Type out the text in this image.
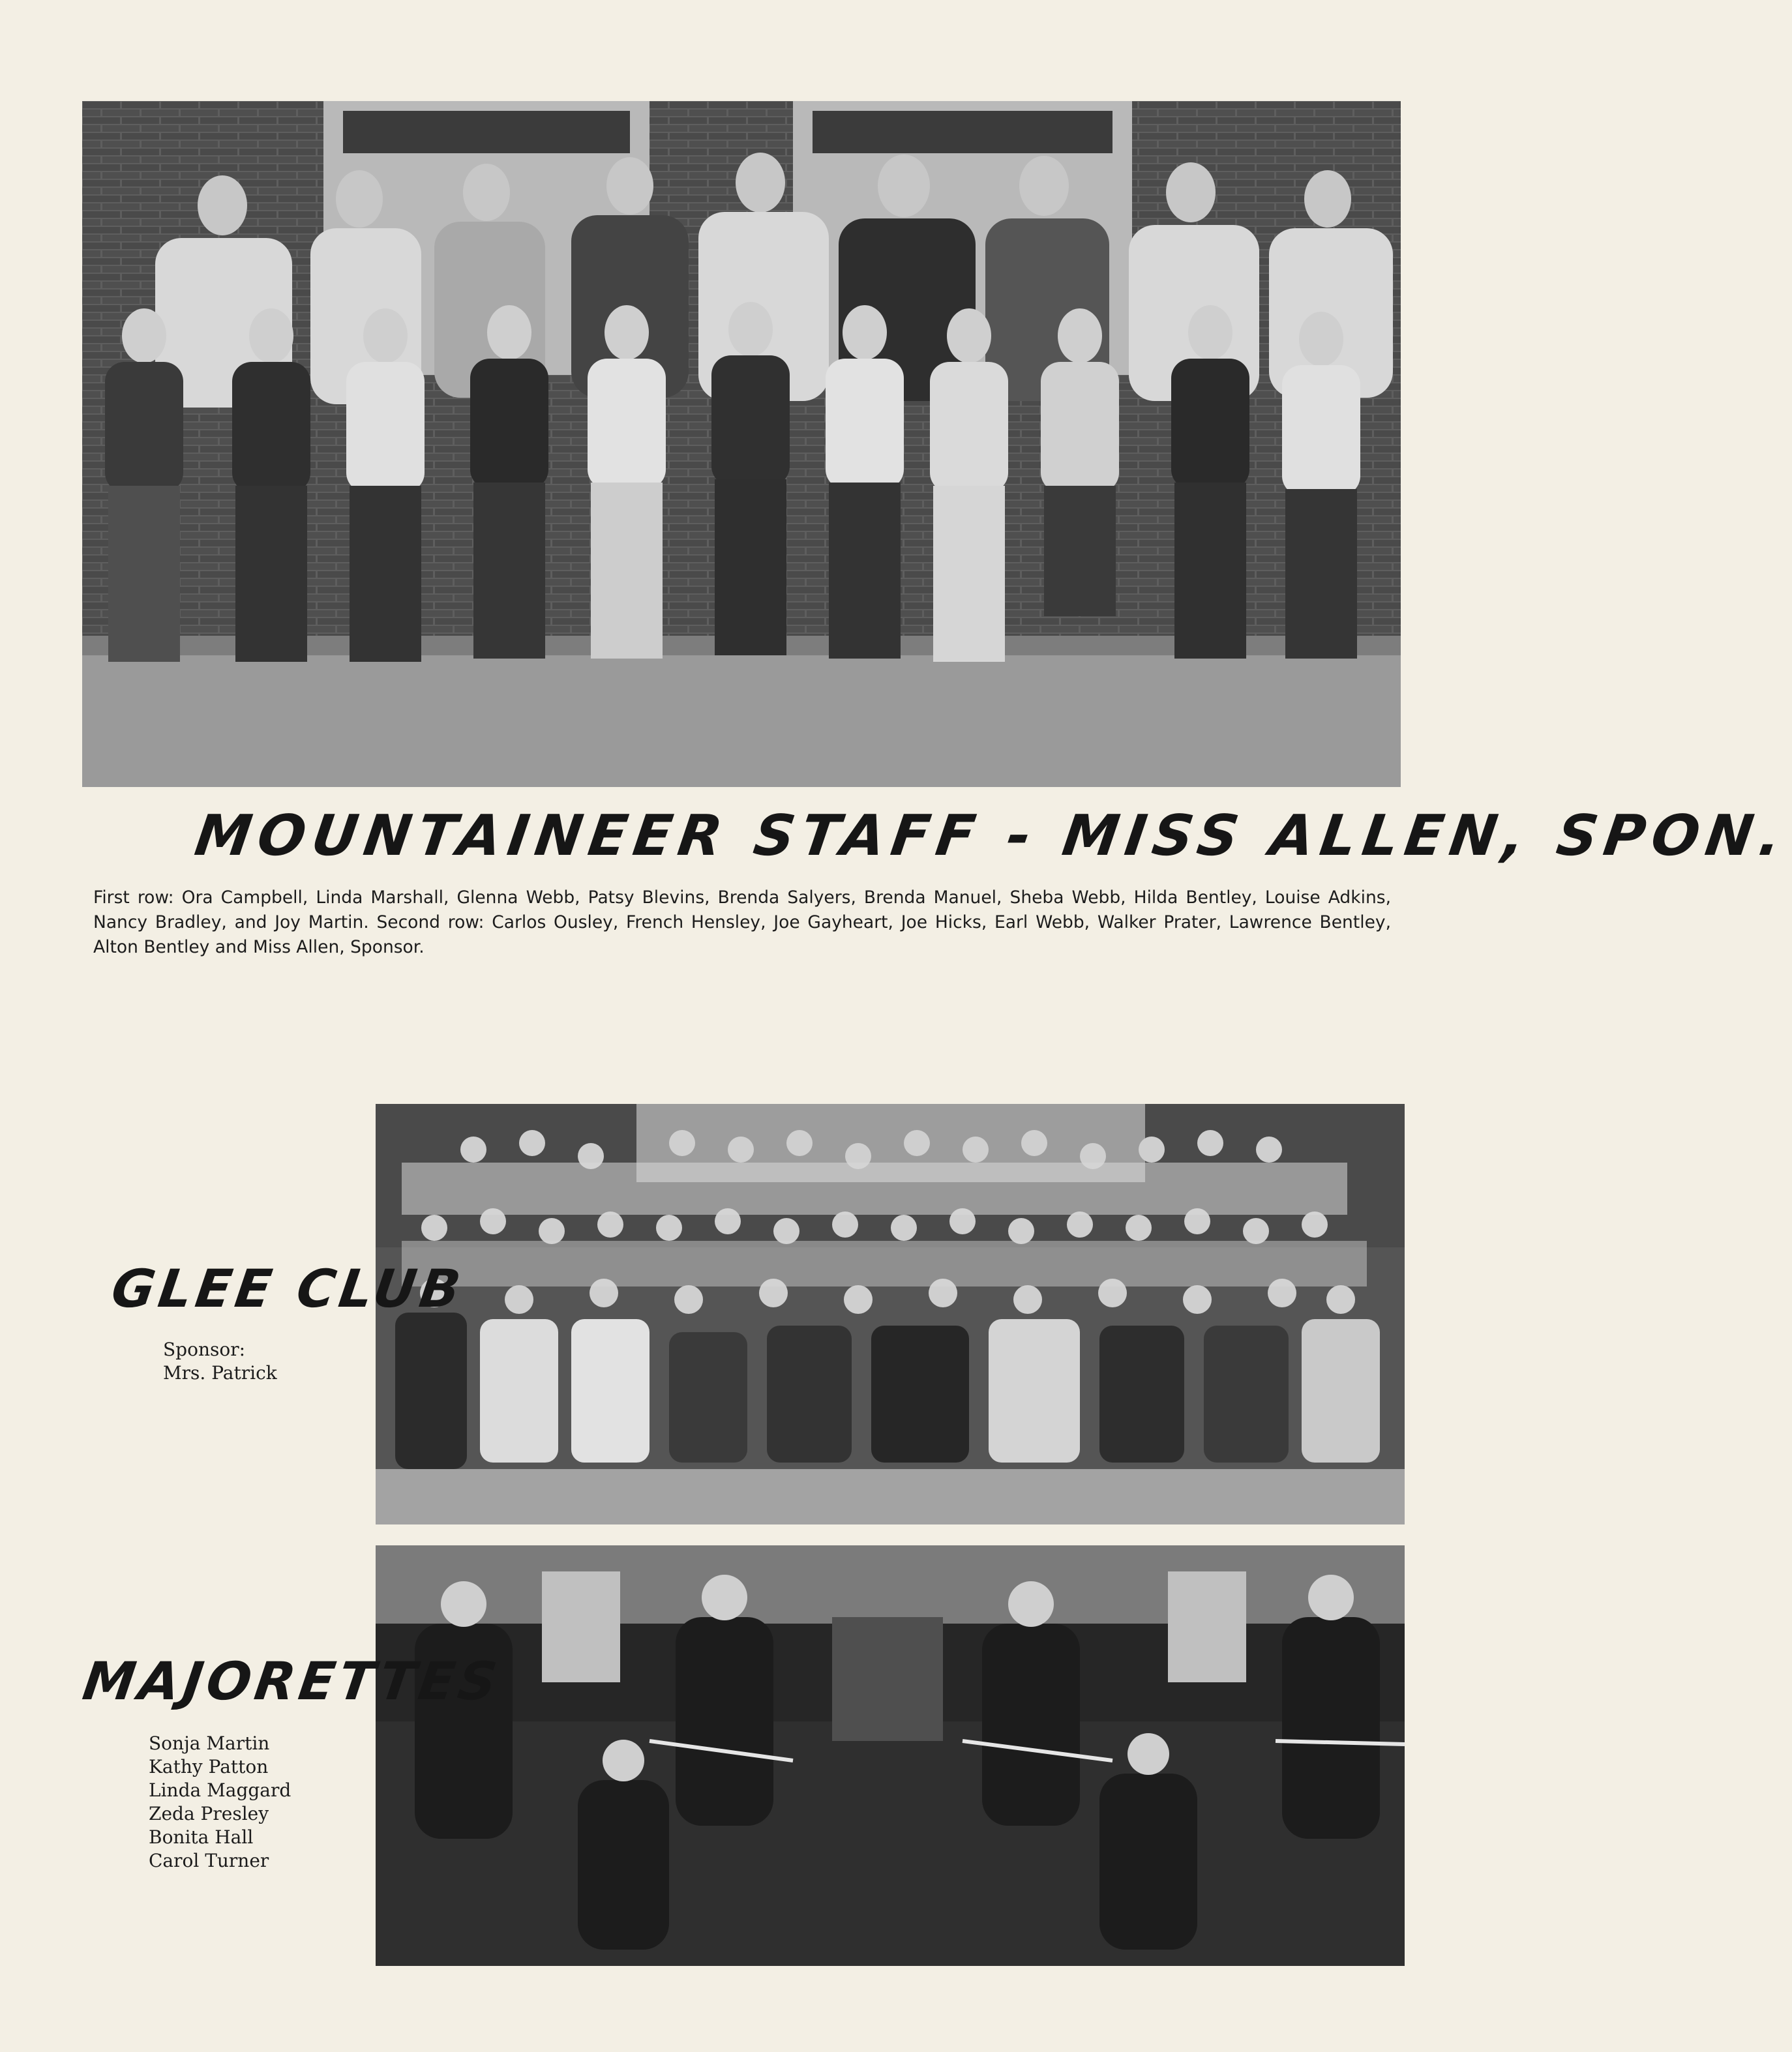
MOUNTAINEER STAFF - MISS ALLEN, SPON.
First row: Ora Campbell, Linda Marshall, Glenna Webb, Patsy Blevins, Brenda Salyers, Brenda Manuel, Sheba Webb, Hilda Bentley, Louise Adkins, Nancy Bradley, and Joy Martin. Second row: Carlos Ousley, French Hensley, Joe Gayheart, Joe Hicks, Earl Webb, Walker Prater, Lawrence Bentley, Alton Bentley and Miss Allen, Sponsor.
GLEE CLUB
Sponsor:
Mrs. Patrick
MAJORETTES
Sonja Martin
Kathy Patton
Linda Maggard
Zeda Presley
Bonita Hall
Carol Turner
